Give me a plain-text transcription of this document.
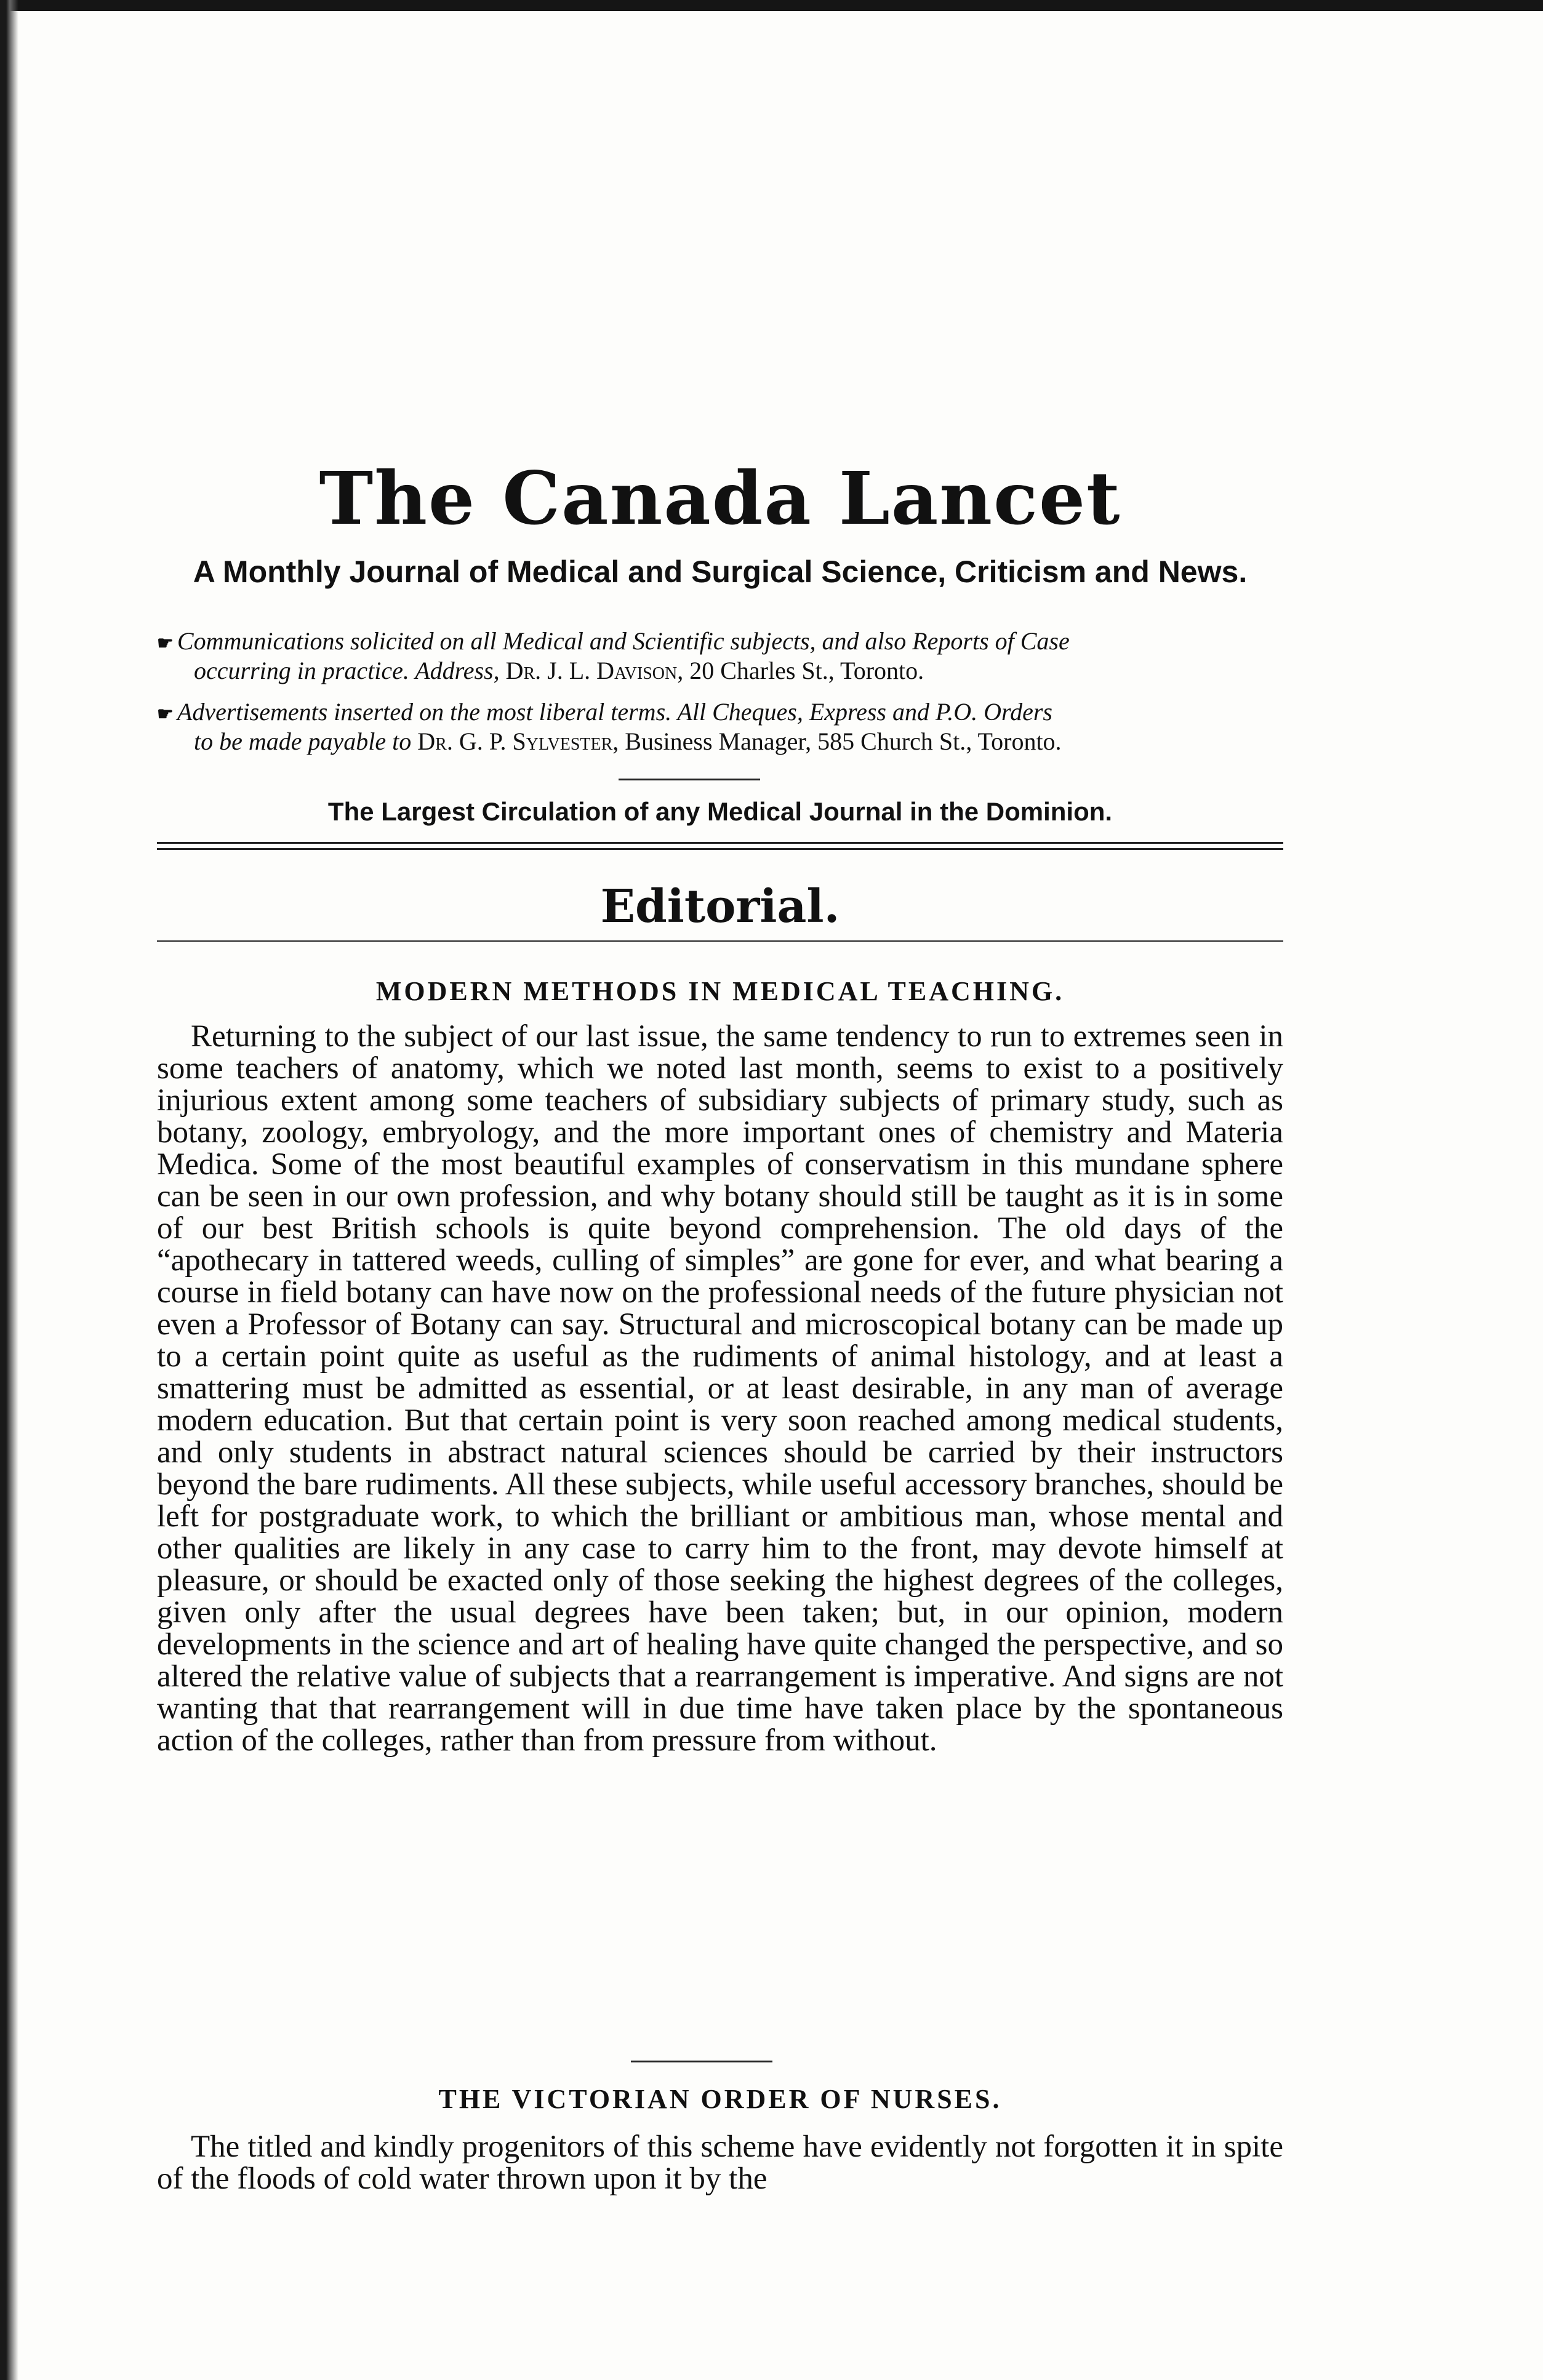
The Canada Lancet
A Monthly Journal of Medical and Surgical Science, Criticism and News.
☛ Communications solicited on all Medical and Scientific subjects, and also Reports of Case
occurring in practice. Address, Dr. J. L. Davison, 20 Charles St., Toronto.
☛ Advertisements inserted on the most liberal terms. All Cheques, Express and P.O. Orders
to be made payable to Dr. G. P. Sylvester, Business Manager, 585 Church St., Toronto.
The Largest Circulation of any Medical Journal in the Dominion.
Editorial.
MODERN METHODS IN MEDICAL TEACHING.

Returning to the subject of our last issue, the same tendency to run to extremes seen in some teachers of anatomy, which we noted last month, seems to exist to a positively injurious extent among some teachers of subsidiary subjects of primary study, such as botany, zoology, embryology, and the more important ones of chemistry and Materia Medica. Some of the most beautiful examples of conservatism in this mundane sphere can be seen in our own profession, and why botany should still be taught as it is in some of our best British schools is quite beyond comprehension. The old days of the “apothecary in tattered weeds, culling of simples” are gone for ever, and what bearing a course in field botany can have now on the professional needs of the future physician not even a Professor of Botany can say. Structural and microscopical botany can be made up to a certain point quite as useful as the rudiments of animal histology, and at least a smattering must be admitted as essential, or at least desirable, in any man of average modern education. But that certain point is very soon reached among medical students, and only students in abstract natural sciences should be carried by their instructors beyond the bare rudiments. All these subjects, while useful accessory branches, should be left for postgraduate work, to which the brilliant or ambitious man, whose mental and other qualities are likely in any case to carry him to the front, may devote himself at pleasure, or should be exacted only of those seeking the highest degrees of the colleges, given only after the usual degrees have been taken; but, in our opinion, modern developments in the science and art of healing have quite changed the perspective, and so altered the relative value of subjects that a rearrangement is imperative. And signs are not wanting that that rearrangement will in due time have taken place by the spontaneous action of the colleges, rather than from pressure from without.

THE VICTORIAN ORDER OF NURSES.

The titled and kindly progenitors of this scheme have evidently not forgotten it in spite of the floods of cold water thrown upon it by the
